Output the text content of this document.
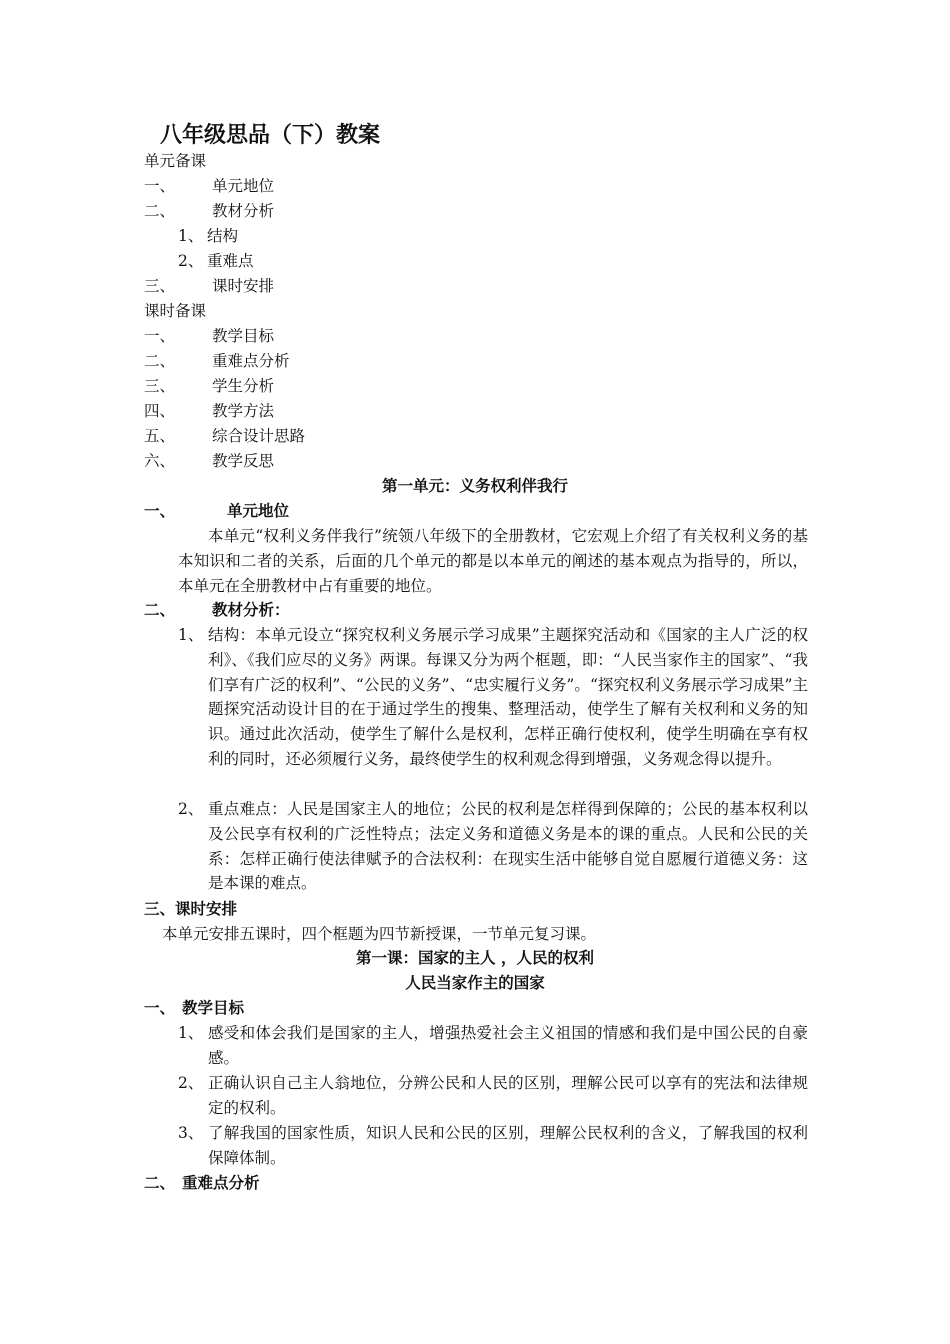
八年级思品（下）教案
单元备课
一、 单元地位
二、 教材分析
1、 结构
2、 重难点
三、 课时安排
课时备课
一、 教学目标
二、 重难点分析
三、 学生分析
四、 教学方法
五、 综合设计思路
六、 教学反思
第一单元：义务权利伴我行
一、	单元地位
本单元“权利义务伴我行”统领八年级下的全册教材，它宏观上介绍了有关权利义务的基本知识和二者的关系，后面的几个单元的都是以本单元的阐述的基本观点为指导的，所以，本单元在全册教材中占有重要的地位。
二、 教材分析：
1、 结构：本单元设立“探究权利义务展示学习成果”主题探究活动和《国家的主人广泛的权利》、《我们应尽的义务》两课。每课又分为两个框题，即：“人民当家作主的国家”、“我们享有广泛的权利”、“公民的义务”、“忠实履行义务”。“探究权利义务展示学习成果”主题探究活动设计目的在于通过学生的搜集、整理活动，使学生了解有关权利和义务的知识。通过此次活动，使学生了解什么是权利，怎样正确行使权利，使学生明确在享有权利的同时，还必须履行义务，最终使学生的权利观念得到增强，义务观念得以提升。
2、 重点难点：人民是国家主人的地位；公民的权利是怎样得到保障的；公民的基本权利以及公民享有权利的广泛性特点；法定义务和道德义务是本的课的重点。人民和公民的关系：怎样正确行使法律赋予的合法权利：在现实生活中能够自觉自愿履行道德义务：这是本课的难点。
三、课时安排
本单元安排五课时，四个框题为四节新授课，一节单元复习课。
第一课：国家的主人 ，人民的权利
人民当家作主的国家
一、 教学目标
1、 感受和体会我们是国家的主人，增强热爱社会主义祖国的情感和我们是中国公民的自豪感。
2、 正确认识自己主人翁地位，分辨公民和人民的区别，理解公民可以享有的宪法和法律规定的权利。
3、 了解我国的国家性质，知识人民和公民的区别，理解公民权利的含义，了解我国的权利保障体制。
二、 重难点分析
